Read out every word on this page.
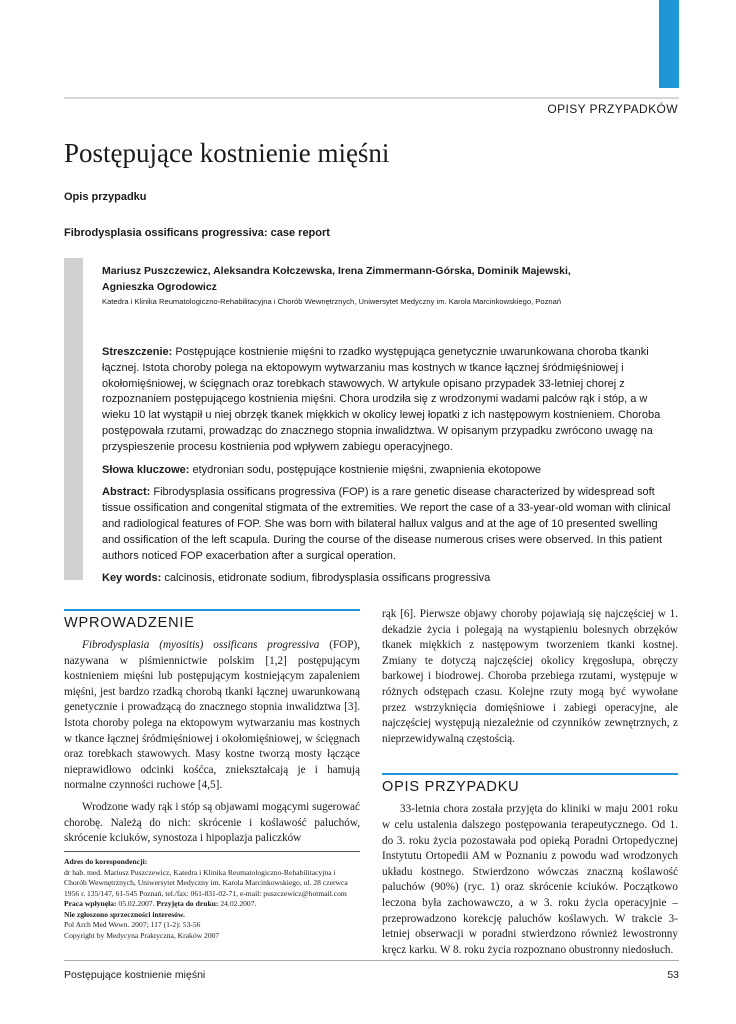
OPISY PRZYPADKÓW
Postępujące kostnienie mięśni
Opis przypadku
Fibrodysplasia ossificans progressiva: case report
Mariusz Puszczewicz, Aleksandra Kołczewska, Irena Zimmermann-Górska, Dominik Majewski,
Agnieszka Ogrodowicz
Katedra i Klinika Reumatologiczno-Rehabilitacyjna i Chorób Wewnętrznych, Uniwersytet Medyczny im. Karola Marcinkowskiego, Poznań

Streszczenie: Postępujące kostnienie mięśni to rzadko występująca genetycznie uwarunkowana choroba tkanki łącznej. Istota choroby polega na ektopowym wytwarzaniu mas kostnych w tkance łącznej śródmięśniowej i okołomięśniowej, w ścięgnach oraz torebkach stawowych. W artykule opisano przypadek 33-letniej chorej z rozpoznaniem postępującego kostnienia mięśni. Chora urodziła się z wrodzonymi wadami palców rąk i stóp, a w wieku 10 lat wystąpił u niej obrzęk tkanek miękkich w okolicy lewej łopatki z ich następowym kostnieniem. Choroba postępowała rzutami, prowadząc do znacznego stopnia inwalidztwa. W opisanym przypadku zwrócono uwagę na przyspieszenie procesu kostnienia pod wpływem zabiegu operacyjnego.

Słowa kluczowe: etydronian sodu, postępujące kostnienie mięśni, zwapnienia ekotopowe

Abstract: Fibrodysplasia ossificans progressiva (FOP) is a rare genetic disease characterized by widespread soft tissue ossification and congenital stigmata of the extremities. We report the case of a 33-year-old woman with clinical and radiological features of FOP. She was born with bilateral hallux valgus and at the age of 10 presented swelling and ossification of the left scapula. During the course of the disease numerous crises were observed. In this patient authors noticed FOP exacerbation after a surgical operation.

Key words: calcinosis, etidronate sodium, fibrodysplasia ossificans progressiva

WPROWADZENIE

Fibrodysplasia (myositis) ossificans progressiva (FOP), nazywana w piśmiennictwie polskim [1,2] postępującym kostnieniem mięśni lub postępującym kostniejącym zapaleniem mięśni, jest bardzo rzadką chorobą tkanki łącznej uwarunkowaną genetycznie i prowadzącą do znacznego stopnia inwalidztwa [3]. Istota choroby polega na ektopowym wytwarzaniu mas kostnych w tkance łącznej śródmięśniowej i okołomięśniowej, w ścięgnach oraz torebkach stawowych. Masy kostne tworzą mosty łączące nieprawidłowo odcinki kośćca, zniekształcają je i hamują normalne czynności ruchowe [4,5].

Wrodzone wady rąk i stóp są objawami mogącymi sugerować chorobę. Należą do nich: skrócenie i koślawość paluchów, skrócenie kciuków, synostoza i hipoplazja paliczków

Adres do korespondencji:

dr hab. med. Mariusz Puszczewicz, Katedra i Klinika Reumatologiczno-Rehabilitacyjna i Chorób Wewnętrznych, Uniwersytet Medyczny im. Karola Marcinkowskiego, ul. 28 czerwca 1956 r. 135/147, 61-545 Poznań, tel./fax: 061-831-02-71, e-mail: puszczewicz@hotmail.com

Praca wpłynęła: 05.02.2007. Przyjęta do druku: 24.02.2007.

Nie zgłoszono sprzeczności interesów.

Pol Arch Med Wewn. 2007; 117 (1-2): 53-56

Copyright by Medycyna Praktyczna, Kraków 2007

rąk [6]. Pierwsze objawy choroby pojawiają się najczęściej w 1. dekadzie życia i polegają na wystąpieniu bolesnych obrzęków tkanek miękkich z następowym tworzeniem tkanki kostnej. Zmiany te dotyczą najczęściej okolicy kręgosłupa, obręczy barkowej i biodrowej. Choroba przebiega rzutami, występuje w różnych odstępach czasu. Kolejne rzuty mogą być wywołane przez wstrzyknięcia domięśniowe i zabiegi operacyjne, ale najczęściej występują niezależnie od czynników zewnętrznych, z nieprzewidywalną częstością.

OPIS PRZYPADKU

33-letnia chora została przyjęta do kliniki w maju 2001 roku w celu ustalenia dalszego postępowania terapeutycznego. Od 1. do 3. roku życia pozostawała pod opieką Poradni Ortopedycznej Instytutu Ortopedii AM w Poznaniu z powodu wad wrodzonych układu kostnego. Stwierdzono wówczas znaczną koślawość paluchów (90%) (ryc. 1) oraz skrócenie kciuków. Początkowo leczona była zachowawczo, a w 3. roku życia operacyjnie – przeprowadzono korekcję paluchów koślawych. W trakcie 3-letniej obserwacji w poradni stwierdzono również lewostronny kręcz karku. W 8. roku życia rozpoznano obustronny niedosłuch.

Postępujące kostnienie mięśni	53
